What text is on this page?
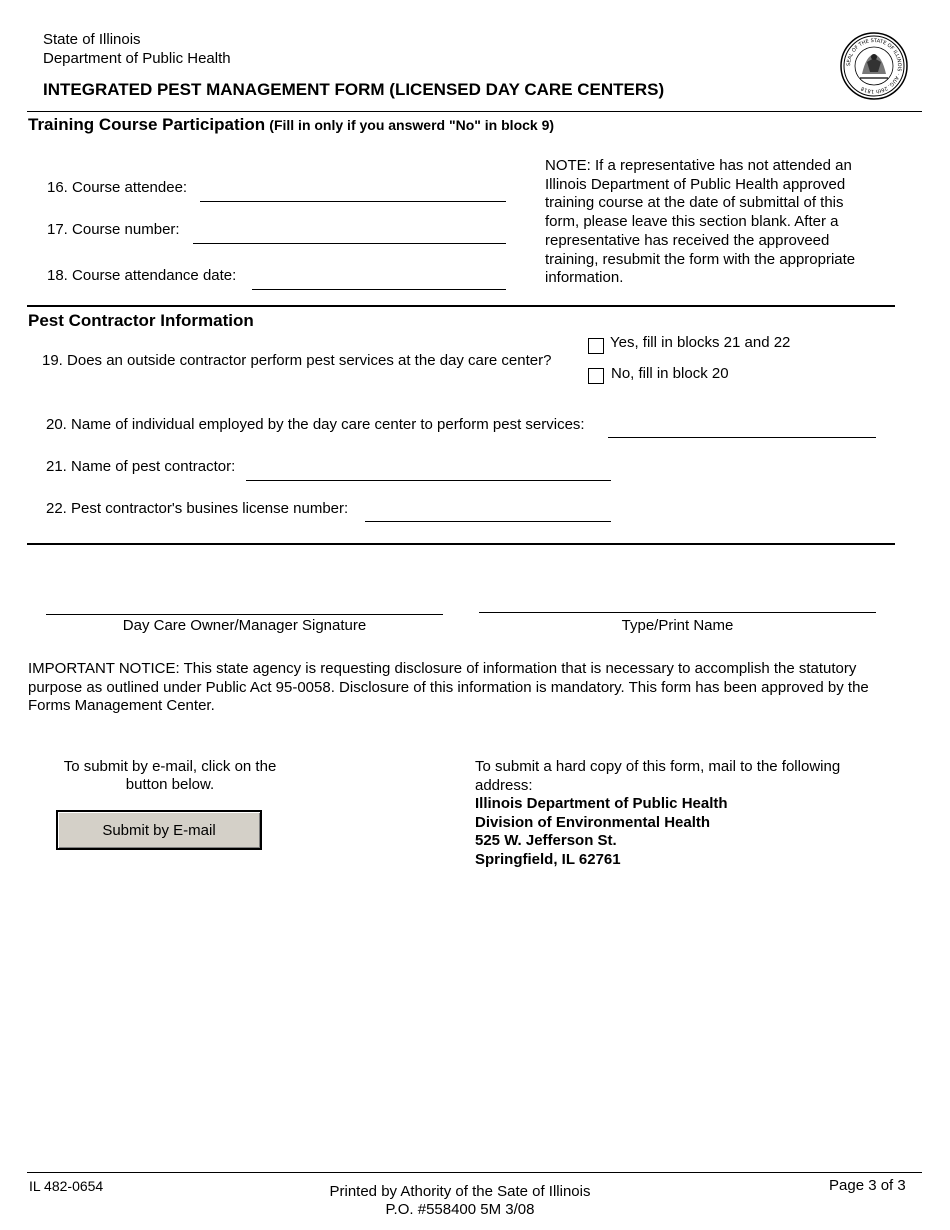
State of Illinois
Department of Public Health
INTEGRATED PEST MANAGEMENT FORM (LICENSED DAY CARE CENTERS)
SEAL OF THE STATE OF ILLINOIS · AUG. 26th 1818
Training Course Participation (Fill in only if you answerd "No" in block 9)
16. Course attendee:
17. Course number:
18. Course attendance date:
NOTE: If a representative has not attended an Illinois Department of Public Health approved training course at the date of submittal of this form, please leave this section blank. After a representative has received the approveed training, resubmit the form with the appropriate information.
Pest Contractor Information
19. Does an outside contractor perform pest services at the day care center?
Yes, fill in blocks 21 and 22
No, fill in block 20
20. Name of individual employed by the day care center to perform pest services:
21. Name of pest contractor:
22. Pest contractor's busines license number:
Day Care Owner/Manager Signature	Type/Print Name
IMPORTANT NOTICE: This state agency is requesting disclosure of information that is necessary to accomplish the statutory purpose as outlined under Public Act 95-0058. Disclosure of this information is mandatory. This form has been approved by the Forms Management Center.
To submit by e-mail, click on the button below.
Submit by E-mail
To submit a hard copy of this form, mail to the following address:
Illinois Department of Public Health
Division of Environmental Health
525 W. Jefferson St.
Springfield, IL 62761
IL 482-0654	Printed by Athority of the Sate of Illinois
P.O. #558400 5M 3/08
Page 3 of 3
